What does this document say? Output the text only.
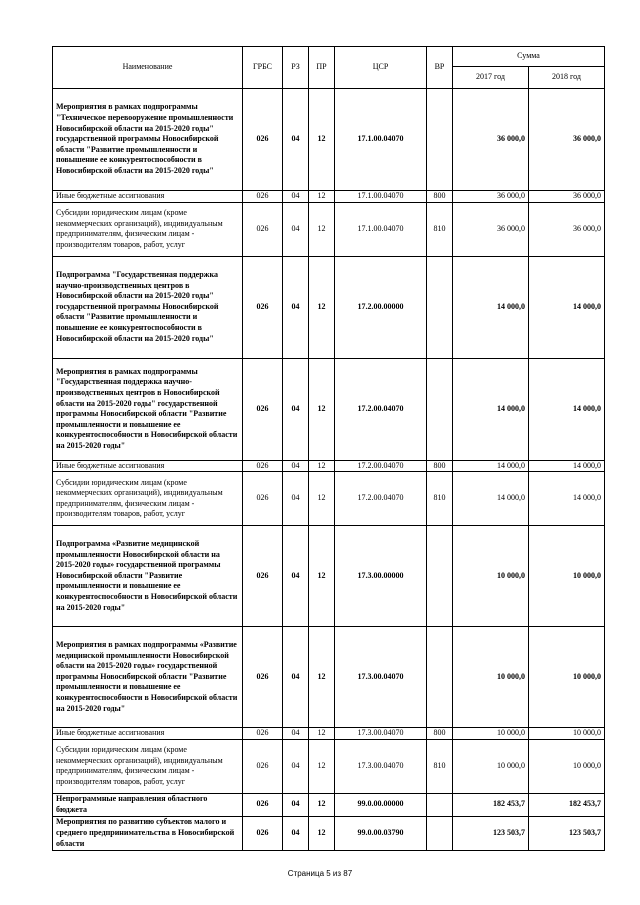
Наименование	ГРБС	РЗ	ПР	ЦСР	ВР	Сумма	
						2017 год	2018 год
Мероприятия в рамках подпрограммы "Техническое перевооружение промышленности Новосибирской области на 2015-2020 годы" государственной программы Новосибирской области "Развитие промышленности и повышение ее конкурентоспособности в Новосибирской области на 2015-2020 годы"	026	04	12	17.1.00.04070		36 000,0	36 000,0
Иные бюджетные ассигнования	026	04	12	17.1.00.04070	800	36 000,0	36 000,0
Субсидии юридическим лицам (кроме некоммерческих организаций), индивидуальным предпринимателям, физическим лицам - производителям товаров, работ, услуг	026	04	12	17.1.00.04070	810	36 000,0	36 000,0
Подпрограмма "Государственная поддержка научно-производственных центров в Новосибирской области на 2015-2020 годы" государственной программы Новосибирской области "Развитие промышленности и повышение ее конкурентоспособности в Новосибирской области на 2015-2020 годы"	026	04	12	17.2.00.00000		14 000,0	14 000,0
Мероприятия в рамках подпрограммы "Государственная поддержка научно-производственных центров в Новосибирской области на 2015-2020 годы" государственной программы Новосибирской области "Развитие промышленности и повышение ее конкурентоспособности в Новосибирской области на 2015-2020 годы"	026	04	12	17.2.00.04070		14 000,0	14 000,0
Иные бюджетные ассигнования	026	04	12	17.2.00.04070	800	14 000,0	14 000,0
Субсидии юридическим лицам (кроме некоммерческих организаций), индивидуальным предпринимателям, физическим лицам - производителям товаров, работ, услуг	026	04	12	17.2.00.04070	810	14 000,0	14 000,0
Подпрограмма «Развитие медицинской промышленности Новосибирской области на 2015-2020 годы» государственной программы Новосибирской области "Развитие промышленности и повышение ее конкурентоспособности в Новосибирской области на 2015-2020 годы"	026	04	12	17.3.00.00000		10 000,0	10 000,0
Мероприятия в рамках подпрограммы «Развитие медицинской промышленности Новосибирской области на 2015-2020 годы» государственной программы Новосибирской области "Развитие промышленности и повышение ее конкурентоспособности в Новосибирской области на 2015-2020 годы"	026	04	12	17.3.00.04070		10 000,0	10 000,0
Иные бюджетные ассигнования	026	04	12	17.3.00.04070	800	10 000,0	10 000,0
Субсидии юридическим лицам (кроме некоммерческих организаций), индивидуальным предпринимателям, физическим лицам - производителям товаров, работ, услуг	026	04	12	17.3.00.04070	810	10 000,0	10 000,0
Непрограммные направления областного бюджета	026	04	12	99.0.00.00000		182 453,7	182 453,7
Мероприятия по развитию субъектов малого и среднего предпринимательства в Новосибирской области	026	04	12	99.0.00.03790		123 503,7	123 503,7
Страница 5 из 87
